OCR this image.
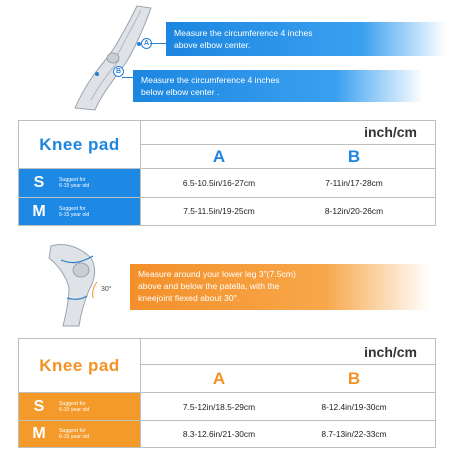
A
B
Measure the circumference 4 inches
above elbow center.
Measure the circumference 4 inches
below elbow center .
Knee pad
inch/cm
A	B
S	Suggest for
6-15 year old	6.5-10.5in/16-27cm	7-11in/17-28cm
M	Suggest for
6-15 year old	7.5-11.5in/19-25cm	8-12in/20-26cm
30°
Measure around your lower leg 3"(7.5cm)
above and below the patella, with the
kneejoint flexed about 30°.
Knee pad
inch/cm
A	B
S	Suggest for
6-15 year old	7.5-12in/18.5-29cm	8-12.4in/19-30cm
M	Suggest for
6-15 year old	8.3-12.6in/21-30cm	8.7-13in/22-33cm
